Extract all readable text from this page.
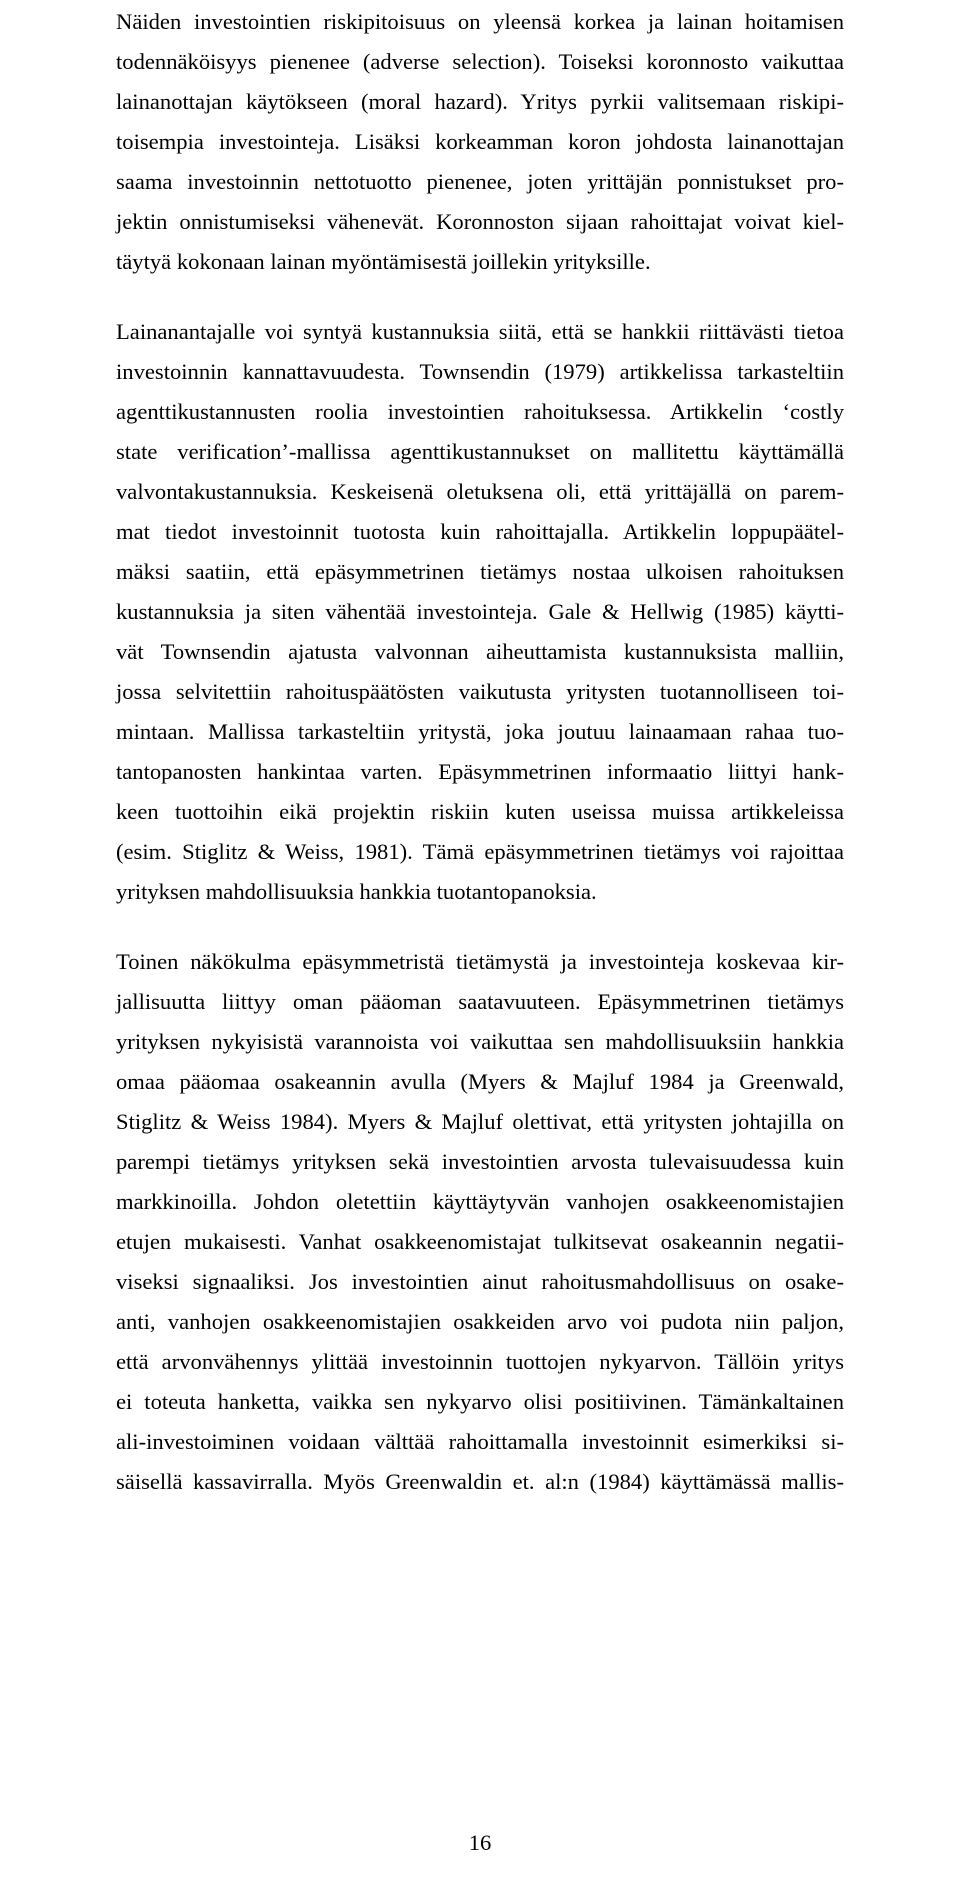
Näiden investointien riskipitoisuus on yleensä korkea ja lainan hoitamisen
todennäköisyys pienenee (adverse selection). Toiseksi koronnosto vaikuttaa
lainanottajan käytökseen (moral hazard). Yritys pyrkii valitsemaan riskipi-
toisempia investointeja. Lisäksi korkeamman koron johdosta lainanottajan
saama investoinnin nettotuotto pienenee, joten yrittäjän ponnistukset pro-
jektin onnistumiseksi vähenevät. Koronnoston sijaan rahoittajat voivat kiel-
täytyä kokonaan lainan myöntämisestä joillekin yrityksille.
Lainanantajalle voi syntyä kustannuksia siitä, että se hankkii riittävästi tietoa
investoinnin kannattavuudesta. Townsendin (1979) artikkelissa tarkasteltiin
agenttikustannusten roolia investointien rahoituksessa. Artikkelin ‘costly
state verification’-mallissa agenttikustannukset on mallitettu käyttämällä
valvontakustannuksia. Keskeisenä oletuksena oli, että yrittäjällä on parem-
mat tiedot investoinnit tuotosta kuin rahoittajalla. Artikkelin loppupäätel-
mäksi saatiin, että epäsymmetrinen tietämys nostaa ulkoisen rahoituksen
kustannuksia ja siten vähentää investointeja. Gale & Hellwig (1985) käytti-
vät Townsendin ajatusta valvonnan aiheuttamista kustannuksista malliin,
jossa selvitettiin rahoituspäätösten vaikutusta yritysten tuotannolliseen toi-
mintaan. Mallissa tarkasteltiin yritystä, joka joutuu lainaamaan rahaa tuo-
tantopanosten hankintaa varten. Epäsymmetrinen informaatio liittyi hank-
keen tuottoihin eikä projektin riskiin kuten useissa muissa artikkeleissa
(esim. Stiglitz & Weiss, 1981). Tämä epäsymmetrinen tietämys voi rajoittaa
yrityksen mahdollisuuksia hankkia tuotantopanoksia.
Toinen näkökulma epäsymmetristä tietämystä ja investointeja koskevaa kir-
jallisuutta liittyy oman pääoman saatavuuteen. Epäsymmetrinen tietämys
yrityksen nykyisistä varannoista voi vaikuttaa sen mahdollisuuksiin hankkia
omaa pääomaa osakeannin avulla (Myers & Majluf 1984 ja Greenwald,
Stiglitz & Weiss 1984). Myers & Majluf olettivat, että yritysten johtajilla on
parempi tietämys yrityksen sekä investointien arvosta tulevaisuudessa kuin
markkinoilla. Johdon oletettiin käyttäytyvän vanhojen osakkeenomistajien
etujen mukaisesti. Vanhat osakkeenomistajat tulkitsevat osakeannin negatii-
viseksi signaaliksi. Jos investointien ainut rahoitusmahdollisuus on osake-
anti, vanhojen osakkeenomistajien osakkeiden arvo voi pudota niin paljon,
että arvonvähennys ylittää investoinnin tuottojen nykyarvon. Tällöin yritys
ei toteuta hanketta, vaikka sen nykyarvo olisi positiivinen. Tämänkaltainen
ali-investoiminen voidaan välttää rahoittamalla investoinnit esimerkiksi si-
säisellä kassavirralla. Myös Greenwaldin et. al:n (1984) käyttämässä mallis-
16
